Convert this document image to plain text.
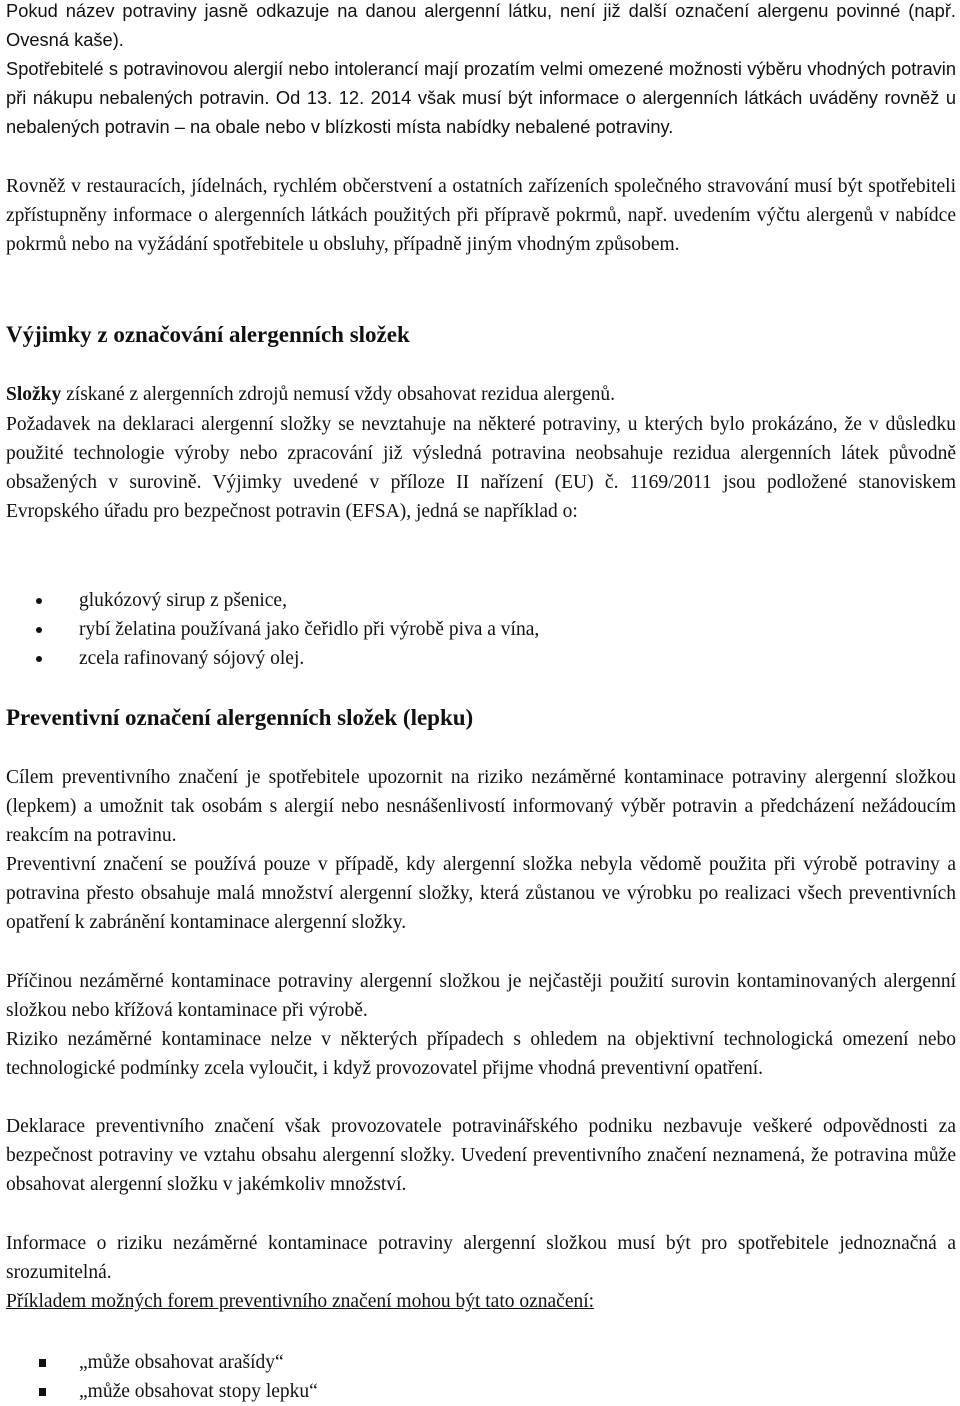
Pokud název potraviny jasně odkazuje na danou alergenní látku, není již další označení alergenu povinné (např. Ovesná kaše).

Spotřebitelé s potravinovou alergií nebo intolerancí mají prozatím velmi omezené možnosti výběru vhodných potravin při nákupu nebalených potravin. Od 13. 12. 2014 však musí být informace o alergenních látkách uváděny rovněž u nebalených potravin – na obale nebo v blízkosti místa nabídky nebalené potraviny.

Rovněž v restauracích, jídelnách, rychlém občerstvení a ostatních zařízeních společného stravování musí být spotřebiteli zpřístupněny informace o alergenních látkách použitých při přípravě pokrmů, např. uvedením výčtu alergenů v nabídce pokrmů nebo na vyžádání spotřebitele u obsluhy, případně jiným vhodným způsobem.

Výjimky z označování alergenních složek

Složky získané z alergenních zdrojů nemusí vždy obsahovat rezidua alergenů.

Požadavek na deklaraci alergenní složky se nevztahuje na některé potraviny, u kterých bylo prokázáno, že v důsledku použité technologie výroby nebo zpracování již výsledná potravina neobsahuje rezidua alergenních látek původně obsažených v surovině. Výjimky uvedené v příloze II nařízení (EU) č. 1169/2011 jsou podložené stanoviskem Evropského úřadu pro bezpečnost potravin (EFSA), jedná se například o:

glukózový sirup z pšenice,
rybí želatina používaná jako čeřidlo při výrobě piva a vína,
zcela rafinovaný sójový olej.
Preventivní označení alergenních složek (lepku)

Cílem preventivního značení je spotřebitele upozornit na riziko nezáměrné kontaminace potraviny alergenní složkou (lepkem) a umožnit tak osobám s alergií nebo nesnášenlivostí informovaný výběr potravin a předcházení nežádoucím reakcím na potravinu.

Preventivní značení se používá pouze v případě, kdy alergenní složka nebyla vědomě použita při výrobě potraviny a potravina přesto obsahuje malá množství alergenní složky, která zůstanou ve výrobku po realizaci všech preventivních opatření k zabránění kontaminace alergenní složky.

Příčinou nezáměrné kontaminace potraviny alergenní složkou je nejčastěji použití surovin kontaminovaných alergenní složkou nebo křížová kontaminace při výrobě.

Riziko nezáměrné kontaminace nelze v některých případech s ohledem na objektivní technologická omezení nebo technologické podmínky zcela vyloučit, i když provozovatel přijme vhodná preventivní opatření.

Deklarace preventivního značení však provozovatele potravinářského podniku nezbavuje veškeré odpovědnosti za bezpečnost potraviny ve vztahu obsahu alergenní složky. Uvedení preventivního značení neznamená, že potravina může obsahovat alergenní složku v jakémkoliv množství.

Informace o riziku nezáměrné kontaminace potraviny alergenní složkou musí být pro spotřebitele jednoznačná a srozumitelná.

Příkladem možných forem preventivního značení mohou být tato označení:

„může obsahovat arašídy“
„může obsahovat stopy lepku“
